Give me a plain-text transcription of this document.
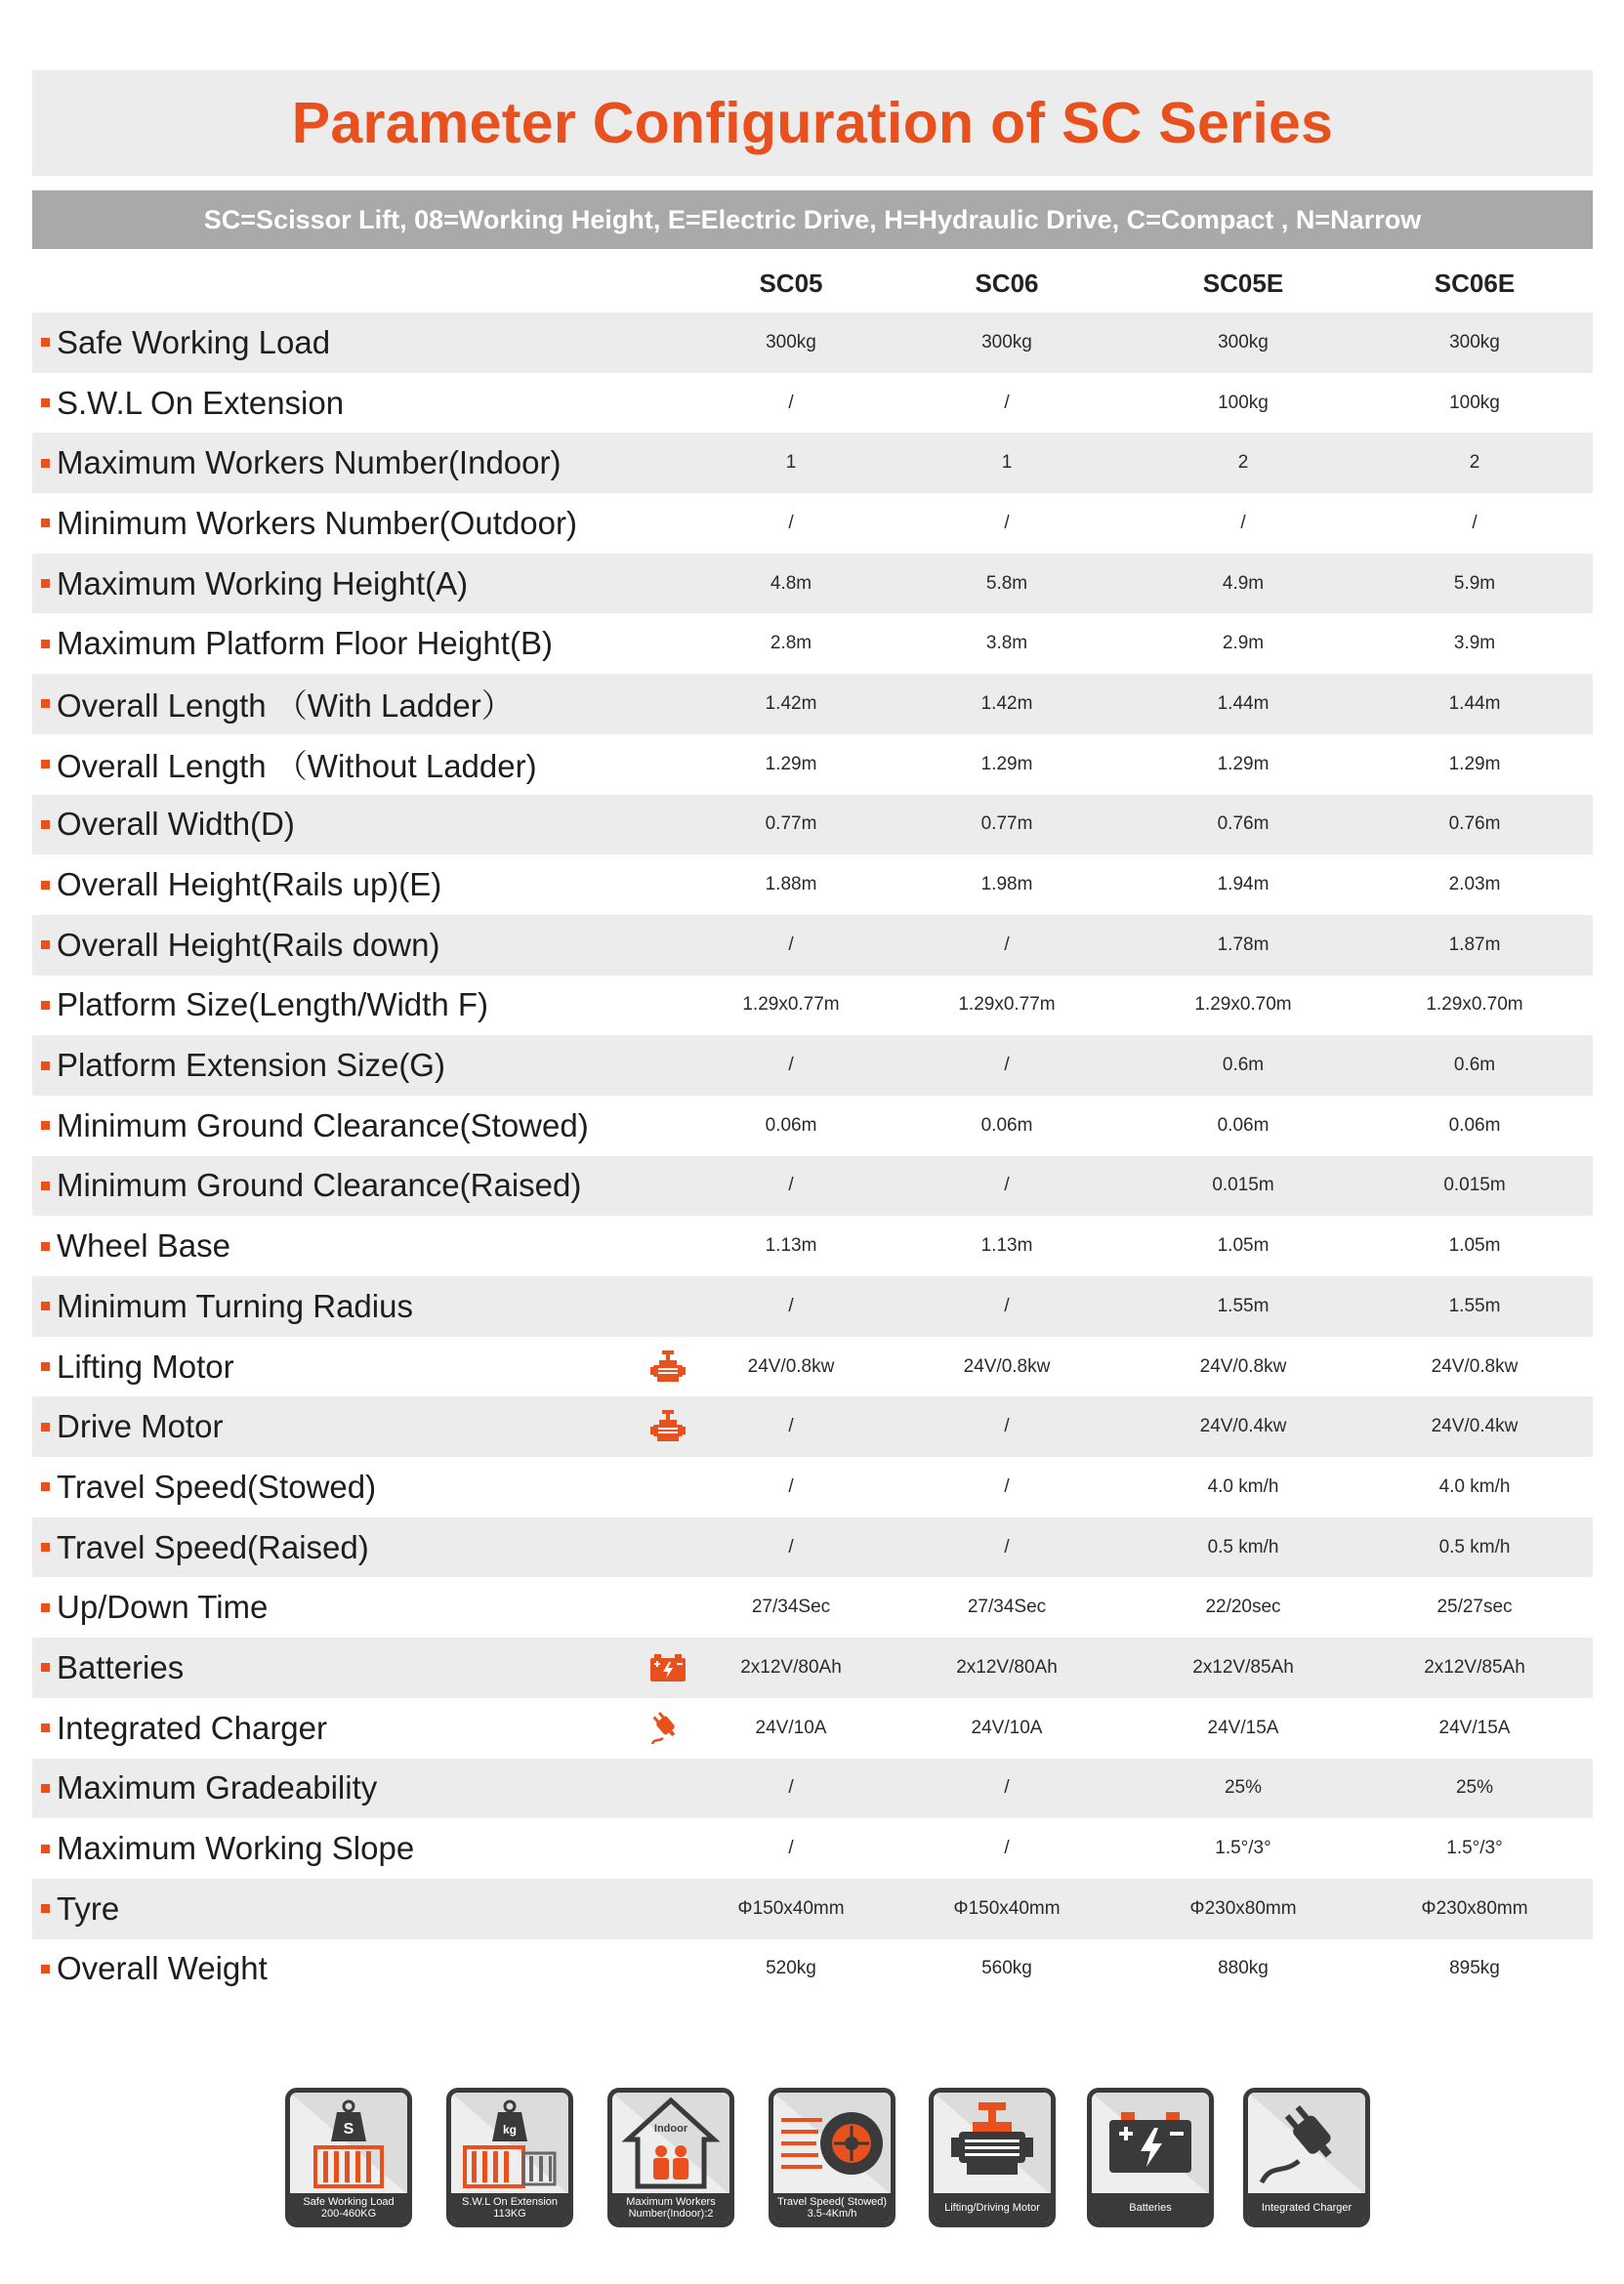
Parameter Configuration of SC Series
SC=Scissor Lift, 08=Working Height, E=Electric Drive, H=Hydraulic Drive, C=Compact , N=Narrow
SC05	SC06	SC05E	SC06E
Safe Working Load	300kg	300kg	300kg	300kg
S.W.L On Extension	/	/	100kg	100kg
Maximum Workers Number(Indoor)	1	1	2	2
Minimum Workers Number(Outdoor)	/	/	/	/
Maximum Working Height(A)	4.8m	5.8m	4.9m	5.9m
Maximum Platform Floor Height(B)	2.8m	3.8m	2.9m	3.9m
Overall Length （With Ladder）	1.42m	1.42m	1.44m	1.44m
Overall Length （Without Ladder)	1.29m	1.29m	1.29m	1.29m
Overall Width(D)	0.77m	0.77m	0.76m	0.76m
Overall Height(Rails up)(E)	1.88m	1.98m	1.94m	2.03m
Overall Height(Rails down)	/	/	1.78m	1.87m
Platform Size(Length/Width F)	1.29x0.77m	1.29x0.77m	1.29x0.70m	1.29x0.70m
Platform Extension Size(G)	/	/	0.6m	0.6m
Minimum Ground Clearance(Stowed)	0.06m	0.06m	0.06m	0.06m
Minimum Ground Clearance(Raised)	/	/	0.015m	0.015m
Wheel Base	1.13m	1.13m	1.05m	1.05m
Minimum Turning Radius	/	/	1.55m	1.55m
Lifting Motor	24V/0.8kw	24V/0.8kw	24V/0.8kw	24V/0.8kw
Drive Motor	/	/	24V/0.4kw	24V/0.4kw
Travel Speed(Stowed)	/	/	4.0 km/h	4.0 km/h
Travel Speed(Raised)	/	/	0.5 km/h	0.5 km/h
Up/Down Time	27/34Sec	27/34Sec	22/20sec	25/27sec
Batteries	2x12V/80Ah	2x12V/80Ah	2x12V/85Ah	2x12V/85Ah
Integrated Charger	24V/10A	24V/10A	24V/15A	24V/15A
Maximum Gradeability	/	/	25%	25%
Maximum Working Slope	/	/	1.5°/3°	1.5°/3°
Tyre	Φ150x40mm	Φ150x40mm	Φ230x80mm	Φ230x80mm
Overall Weight	520kg	560kg	880kg	895kg
S
Safe Working Load
200-460KG
kg
S.W.L On Extension
113KG
Indoor
Maximum Workers
Number(Indoor):2
Travel Speed( Stowed)
3.5-4Km/h	Lifting/Driving Motor	Batteries	Integrated Charger
